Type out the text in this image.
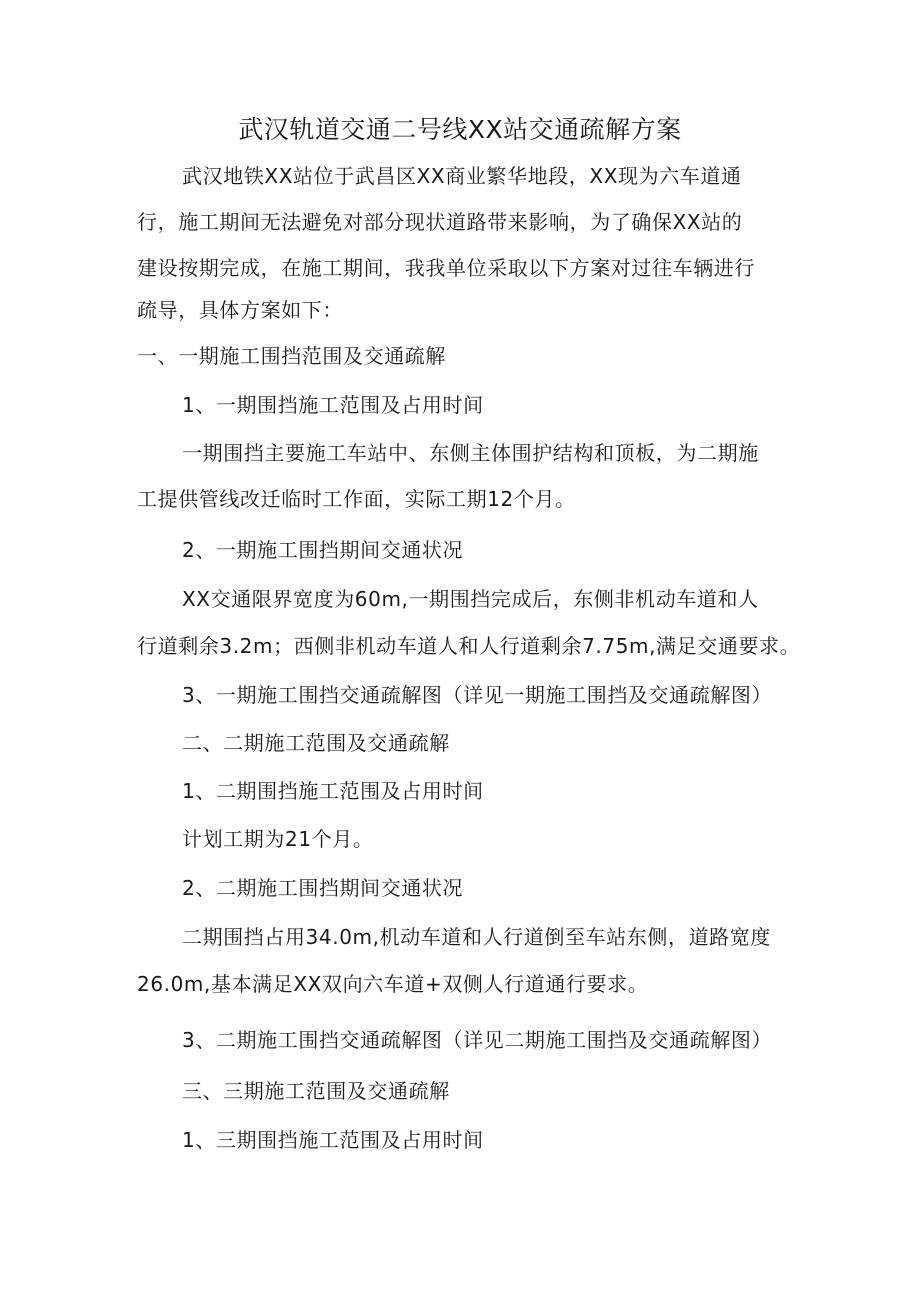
武汉轨道交通二号线XX站交通疏解方案
武汉地铁XX站位于武昌区XX商业繁华地段，XX现为六车道通
行，施工期间无法避免对部分现状道路带来影响，为了确保XX站的
建设按期完成，在施工期间，我我单位采取以下方案对过往车辆进行
疏导，具体方案如下：
一、一期施工围挡范围及交通疏解
1、一期围挡施工范围及占用时间
一期围挡主要施工车站中、东侧主体围护结构和顶板，为二期施
工提供管线改迁临时工作面，实际工期12个月。
2、一期施工围挡期间交通状况
XX交通限界宽度为60m,一期围挡完成后，东侧非机动车道和人
行道剩余3.2m；西侧非机动车道人和人行道剩余7.75m,满足交通要求。
3、一期施工围挡交通疏解图（详见一期施工围挡及交通疏解图）
二、二期施工范围及交通疏解
1、二期围挡施工范围及占用时间
计划工期为21个月。
2、二期施工围挡期间交通状况
二期围挡占用34.0m,机动车道和人行道倒至车站东侧，道路宽度
26.0m,基本满足XX双向六车道+双侧人行道通行要求。
3、二期施工围挡交通疏解图（详见二期施工围挡及交通疏解图）
三、三期施工范围及交通疏解
1、三期围挡施工范围及占用时间
